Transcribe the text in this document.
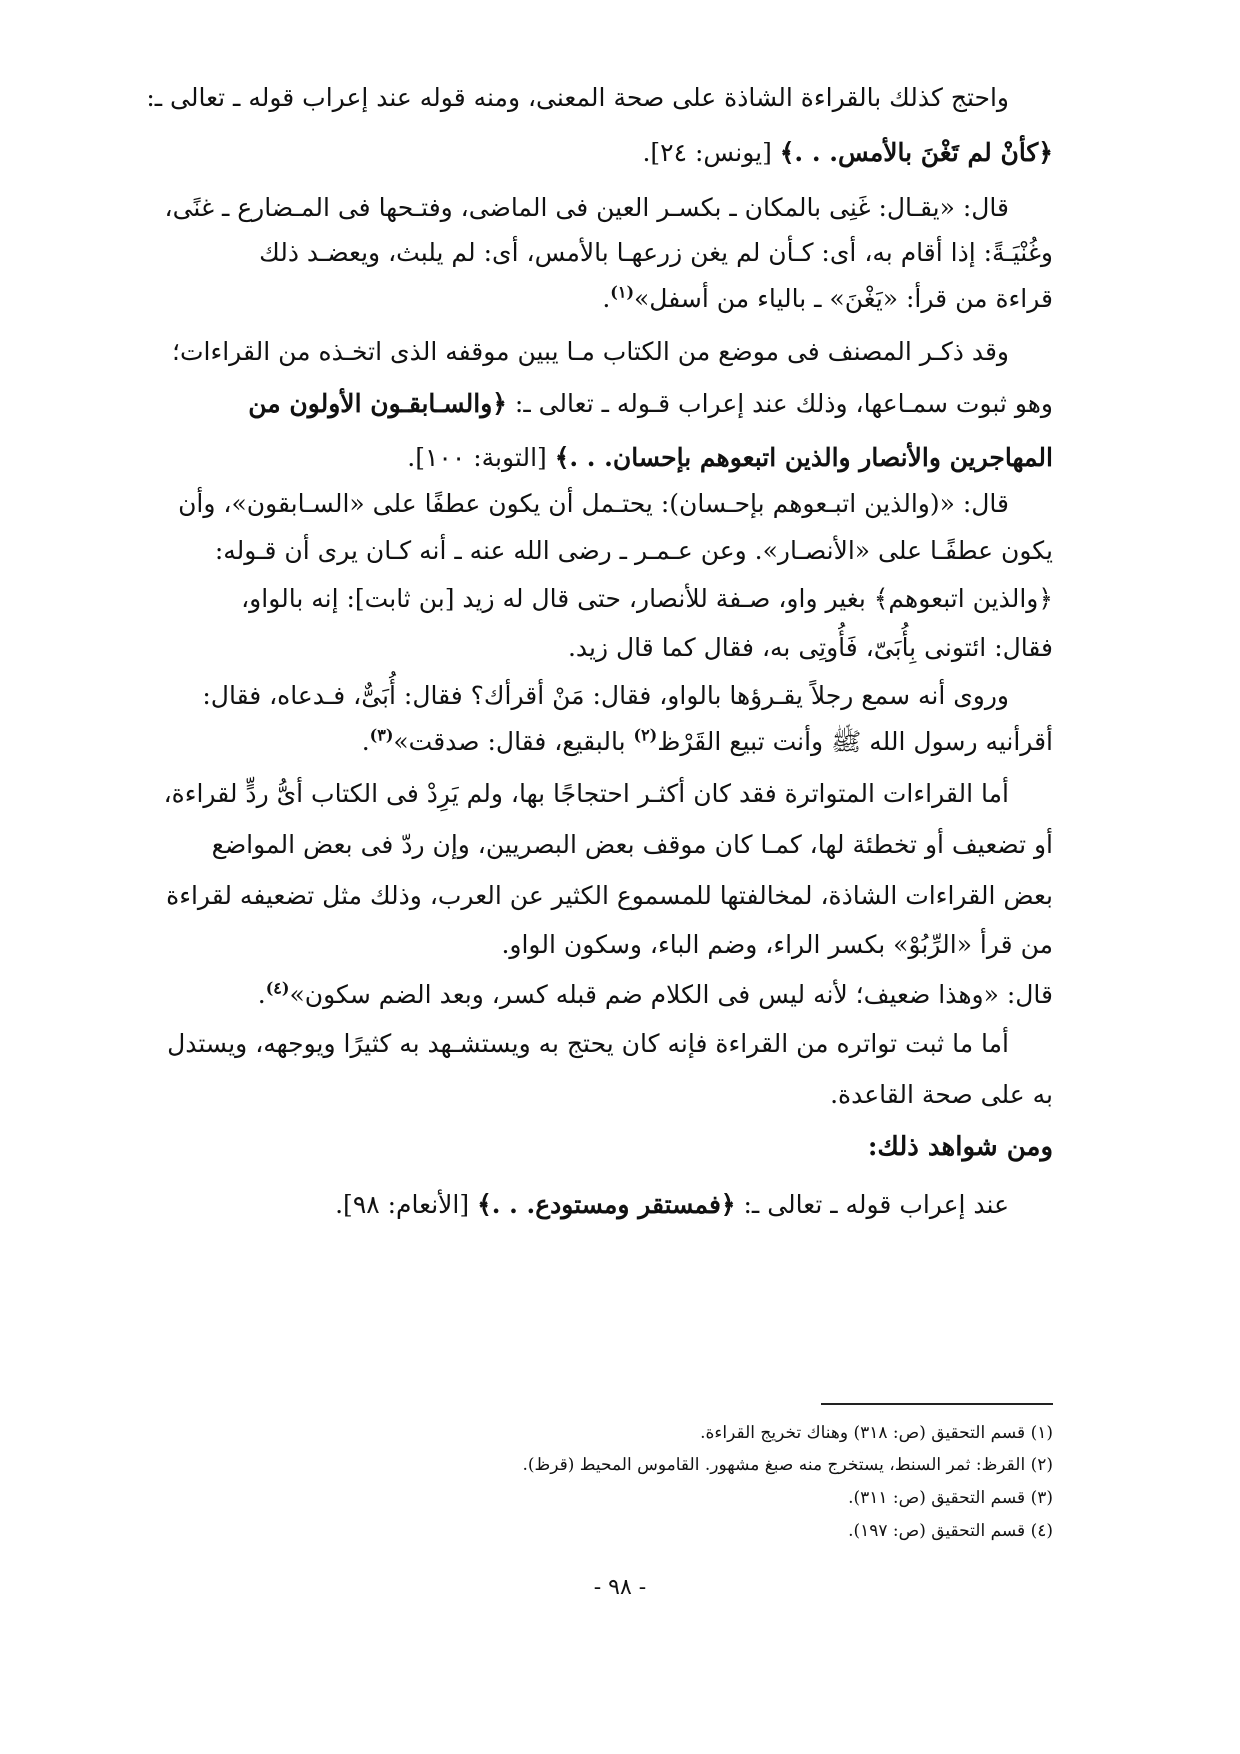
واحتج كذلك بالقراءة الشاذة على صحة المعنى، ومنه قوله عند إعراب قوله ـ تعالى ـ:
﴿كأنْ لم تَغْنَ بالأمس. . .﴾ [يونس: ٢٤].
قال: «يقـال: غَنِى بالمكان ـ بكسـر العين فى الماضى، وفتـحها فى المـضارع ـ غنًى،
وغُنْيَـةً: إذا أقام به، أى: كـأن لم يغن زرعهـا بالأمس، أى: لم يلبث، ويعضـد ذلك
قراءة من قرأ: «يَغْنَ» ـ بالياء من أسفل»$^{(١)}$.
وقد ذكـر المصنف فى موضع من الكتاب مـا يبين موقفه الذى اتخـذه من القراءات؛
وهو ثبوت سمـاعها، وذلك عند إعراب قـوله ـ تعالى ـ: ﴿والسـابقـون الأولون من
المهاجرين والأنصار والذين اتبعوهم بإحسان. . .﴾ [التوبة: ١٠٠].
قال: «(والذين اتبـعوهم بإحـسان): يحتـمل أن يكون عطفًا على «السـابقون»، وأن
يكون عطفًـا على «الأنصـار». وعن عـمـر ـ رضى الله عنه ـ أنه كـان يرى أن قـوله:
﴿والذين اتبعوهم﴾ بغير واو، صـفة للأنصار، حتى قال له زيد [بن ثابت]: إنه بالواو،
فقال: ائتونى بِأُبَىّ، فَأُوتِى به، فقال كما قال زيد.
وروى أنه سمع رجلاً يقـرؤها بالواو، فقال: مَنْ أقرأك؟ فقال: أُبَىٌّ، فـدعاه، فقال:
أقرأنيه رسول الله ﷺ وأنت تبيع القَرْظ$^{(٢)}$ بالبقيع، فقال: صدقت»$^{(٣)}$.
أما القراءات المتواترة فقد كان أكثـر احتجاجًا بها، ولم يَرِدْ فى الكتاب أىُّ ردٍّ لقراءة،
أو تضعيف أو تخطئة لها، كمـا كان موقف بعض البصريين، وإن ردّ فى بعض المواضع
بعض القراءات الشاذة، لمخالفتها للمسموع الكثير عن العرب، وذلك مثل تضعيفه لقراءة
من قرأ «الرِّبُوْ» بكسر الراء، وضم الباء، وسكون الواو.
قال: «وهذا ضعيف؛ لأنه ليس فى الكلام ضم قبله كسر، وبعد الضم سكون»$^{(٤)}$.
أما ما ثبت تواتره من القراءة فإنه كان يحتج به ويستشـهد به كثيرًا ويوجهه، ويستدل
به على صحة القاعدة.
ومن شواهد ذلك:
عند إعراب قوله ـ تعالى ـ: ﴿فمستقر ومستودع. . .﴾ [الأنعام: ٩٨].
(١) قسم التحقيق (ص: ٣١٨) وهناك تخريج القراءة.
(٢) القرظ: ثمر السنط، يستخرج منه صبغ مشهور. القاموس المحيط (قرظ).
(٣) قسم التحقيق (ص: ٣١١).
(٤) قسم التحقيق (ص: ١٩٧).
- ٩٨ -
